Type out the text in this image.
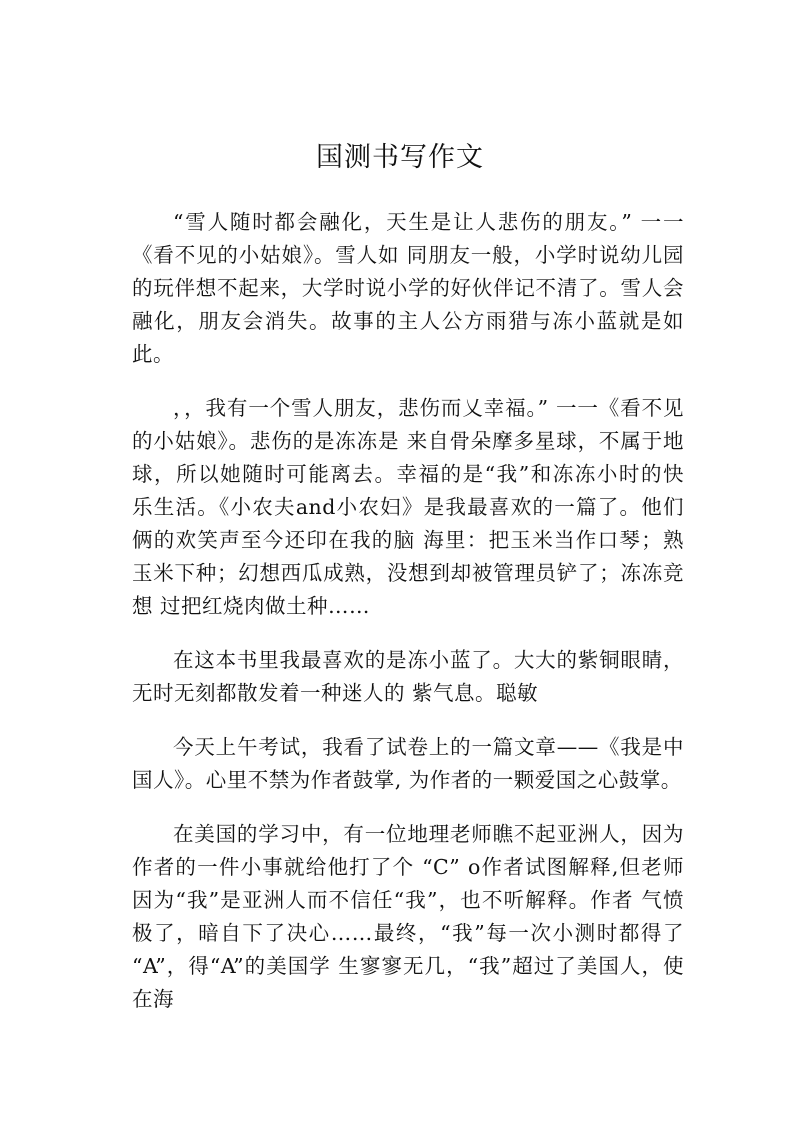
国测书写作文

“雪人随时都会融化，天生是让人悲伤的朋友。” 一一《看不见的小姑娘》。雪人如 同朋友一般，小学时说幼儿园的玩伴想不起来，大学时说小学的好伙伴记不清了。雪人会 融化，朋友会消失。故事的主人公方雨猎与冻小蓝就是如此。

，，我有一个雪人朋友，悲伤而乂幸福。” 一一《看不见的小姑娘》。悲伤的是冻冻是 来自骨朵摩多星球，不属于地球，所以她随时可能离去。幸福的是“我”和冻冻小时的快 乐生活。《小农夫and小农妇》是我最喜欢的一篇了。他们俩的欢笑声至今还印在我的脑 海里：把玉米当作口琴；熟玉米下种；幻想西瓜成熟，没想到却被管理员铲了；冻冻竞想 过把红烧肉做土种……

在这本书里我最喜欢的是冻小蓝了。大大的紫铜眼睛，无时无刻都散发着一种迷人的 紫气息。聪敏

今天上午考试，我看了试卷上的一篇文章——《我是中国人》。心里不禁为作者鼓掌, 为作者的一颗爱国之心鼓掌。

在美国的学习中，有一位地理老师瞧不起亚洲人，因为作者的一件小事就给他打了个 “C” o作者试图解释,但老师因为“我”是亚洲人而不信任“我”，也不听解释。作者 气愤极了，暗自下了决心……最终，“我”每一次小测时都得了 “A”，得“A”的美国学 生寥寥无几，“我”超过了美国人，使在海
